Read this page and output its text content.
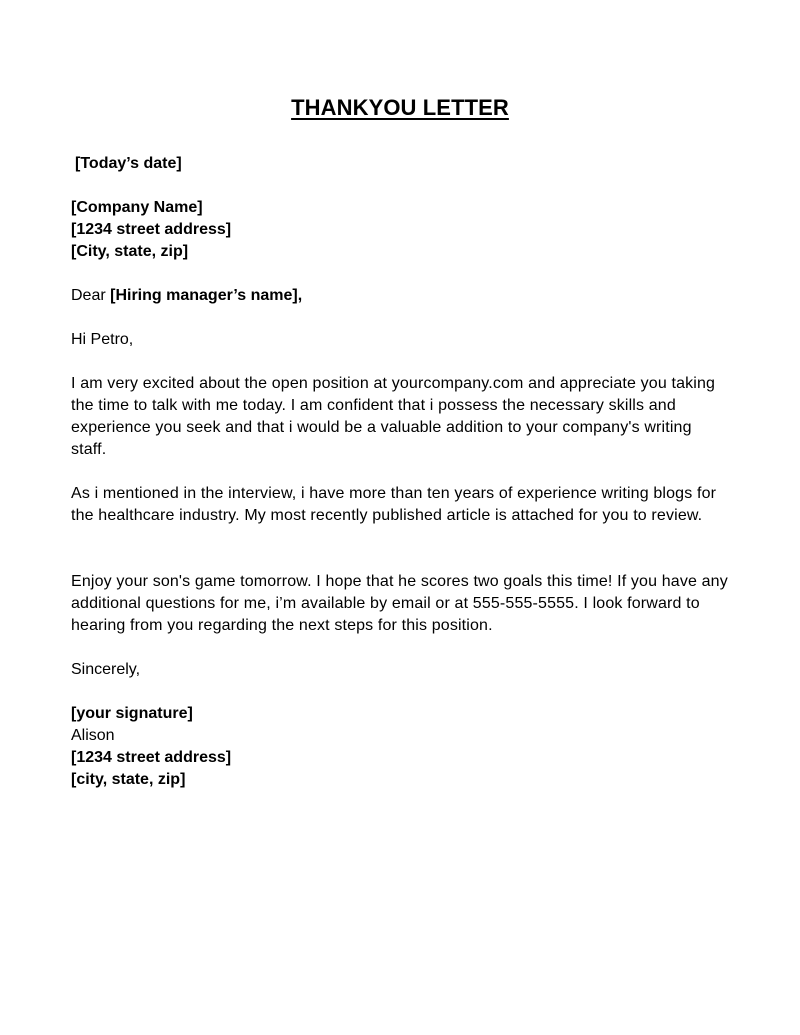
THANKYOU LETTER
[Today’s date]
[Company Name]
[1234 street address]
[City, state, zip]
Dear [Hiring manager’s name],
Hi Petro,
I am very excited about the open position at yourcompany.com and appreciate you taking the time to talk with me today. I am confident that i possess the necessary skills and experience you seek and that i would be a valuable addition to your company's writing staff.
As i mentioned in the interview, i have more than ten years of experience writing blogs for the healthcare industry. My most recently published article is attached for you to review.
Enjoy your son's game tomorrow. I hope that he scores two goals this time! If you have any additional questions for me, i’m available by email or at 555-555-5555. I look forward to hearing from you regarding the next steps for this position.
Sincerely,
[your signature]
Alison
[1234 street address]
[city, state, zip]
